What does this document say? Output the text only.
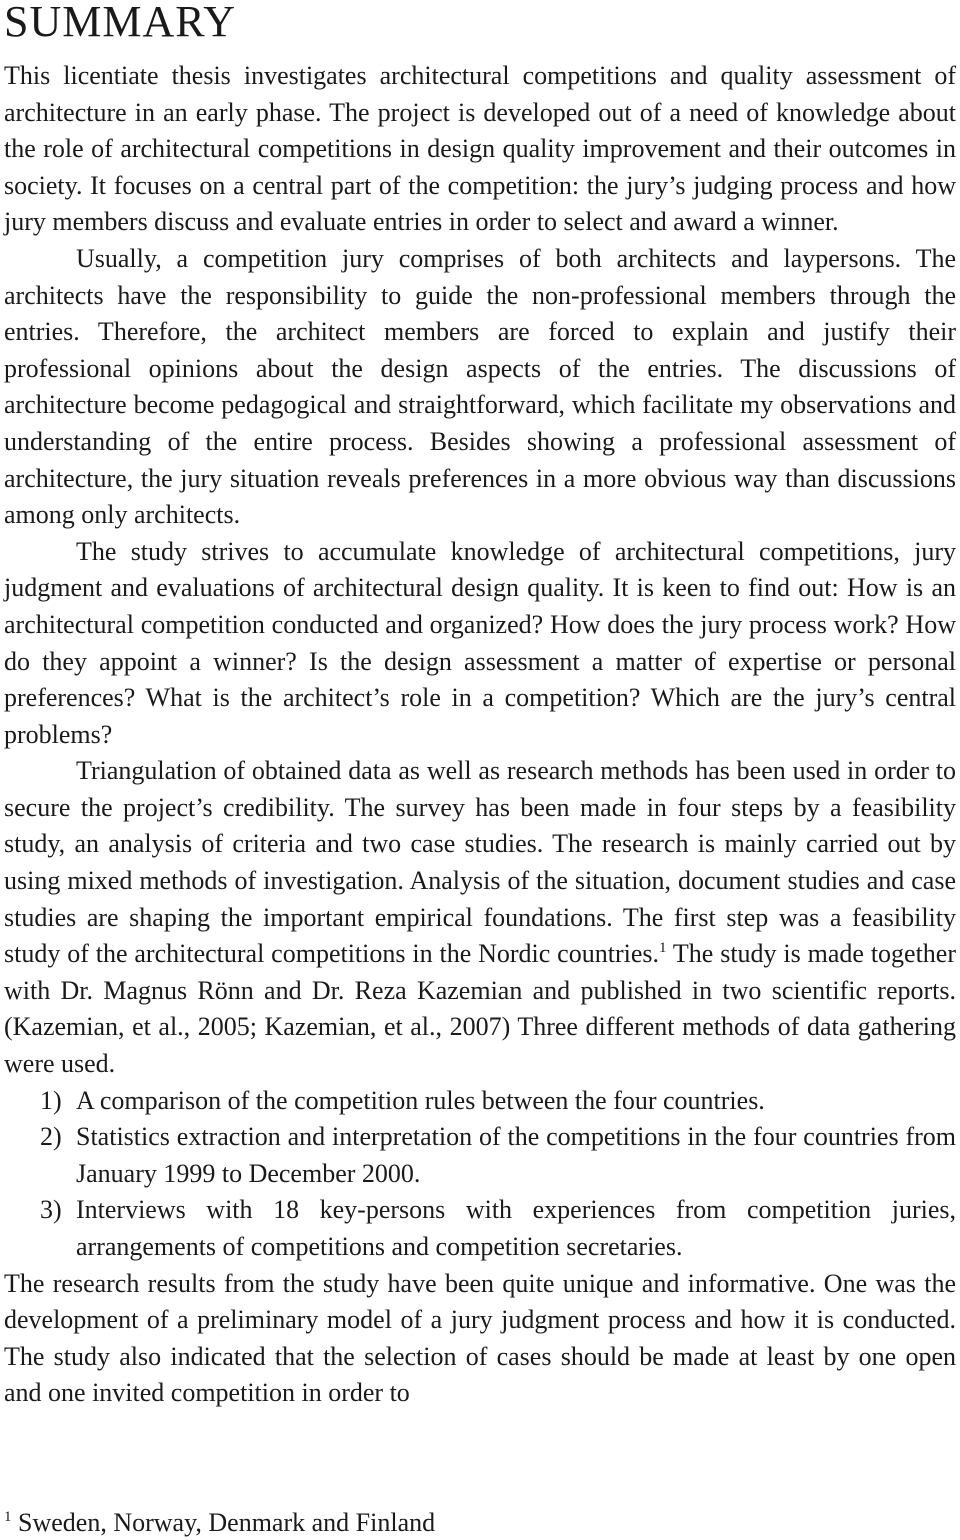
SUMMARY

This licentiate thesis investigates architectural competitions and quality assessment of architecture in an early phase. The project is developed out of a need of knowledge about the role of architectural competitions in design quality improvement and their outcomes in society. It focuses on a central part of the competition: the jury’s judging process and how jury members discuss and evaluate entries in order to select and award a winner.

Usually, a competition jury comprises of both architects and laypersons. The architects have the responsibility to guide the non-professional members through the entries. Therefore, the architect members are forced to explain and justify their professional opinions about the design aspects of the entries. The discussions of architecture become pedagogical and straightforward, which facilitate my observations and understanding of the entire process. Besides showing a professional assessment of architecture, the jury situation reveals preferences in a more obvious way than discussions among only architects.

The study strives to accumulate knowledge of architectural competitions, jury judgment and evaluations of architectural design quality. It is keen to find out: How is an architectural competition conducted and organized? How does the jury process work? How do they appoint a winner? Is the design assessment a matter of expertise or personal preferences? What is the architect’s role in a competition? Which are the jury’s central problems?

Triangulation of obtained data as well as research methods has been used in order to secure the project’s credibility. The survey has been made in four steps by a feasibility study, an analysis of criteria and two case studies. The research is mainly carried out by using mixed methods of investigation. Analysis of the situation, document studies and case studies are shaping the important empirical foundations. The first step was a feasibility study of the architectural competitions in the Nordic countries.$^1$ The study is made together with Dr. Magnus Rönn and Dr. Reza Kazemian and published in two scientific reports. (Kazemian, et al., 2005; Kazemian, et al., 2007) Three different methods of data gathering were used.

1) A comparison of the competition rules between the four countries.
2) Statistics extraction and interpretation of the competitions in the four countries from January 1999 to December 2000.
3) Interviews with 18 key-persons with experiences from competition juries, arrangements of competitions and competition secretaries.

The research results from the study have been quite unique and informative. One was the development of a preliminary model of a jury judgment process and how it is conducted. The study also indicated that the selection of cases should be made at least by one open and one invited competition in order to

$^1$ Sweden, Norway, Denmark and Finland
